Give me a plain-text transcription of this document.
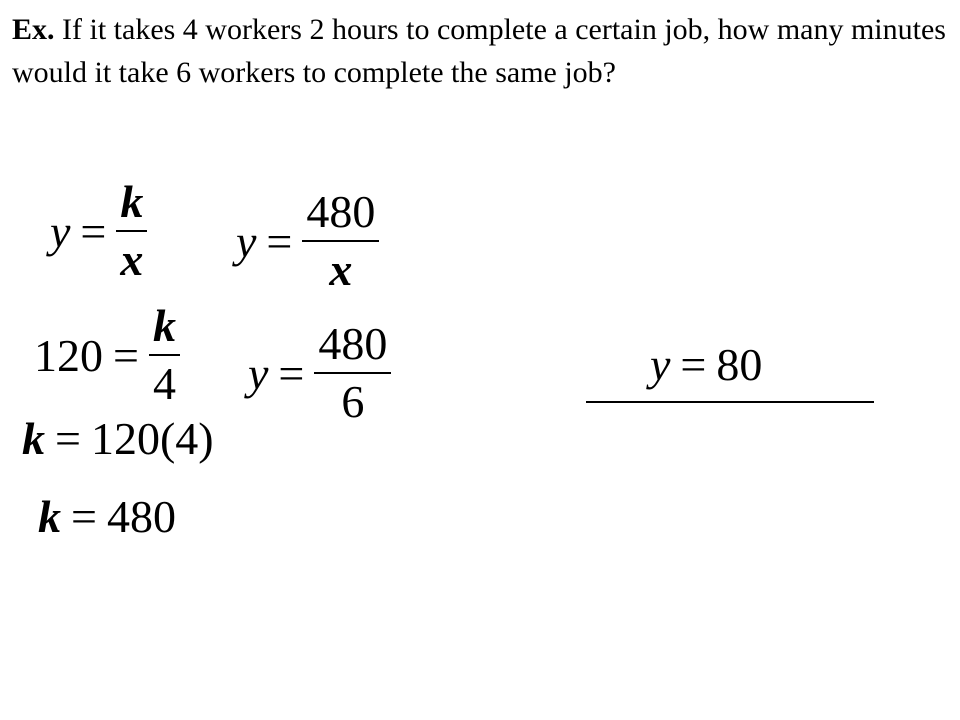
Ex. If it takes 4 workers 2 hours to complete a certain job, how many minutes would it take 6 workers to complete the same job?

$y = \frac{k}{x}$
$120 = \frac{k}{4}$
k = 120(4)
k = 480
$y = \frac{480}{x}$
$y = \frac{480}{6}$	y = 80
